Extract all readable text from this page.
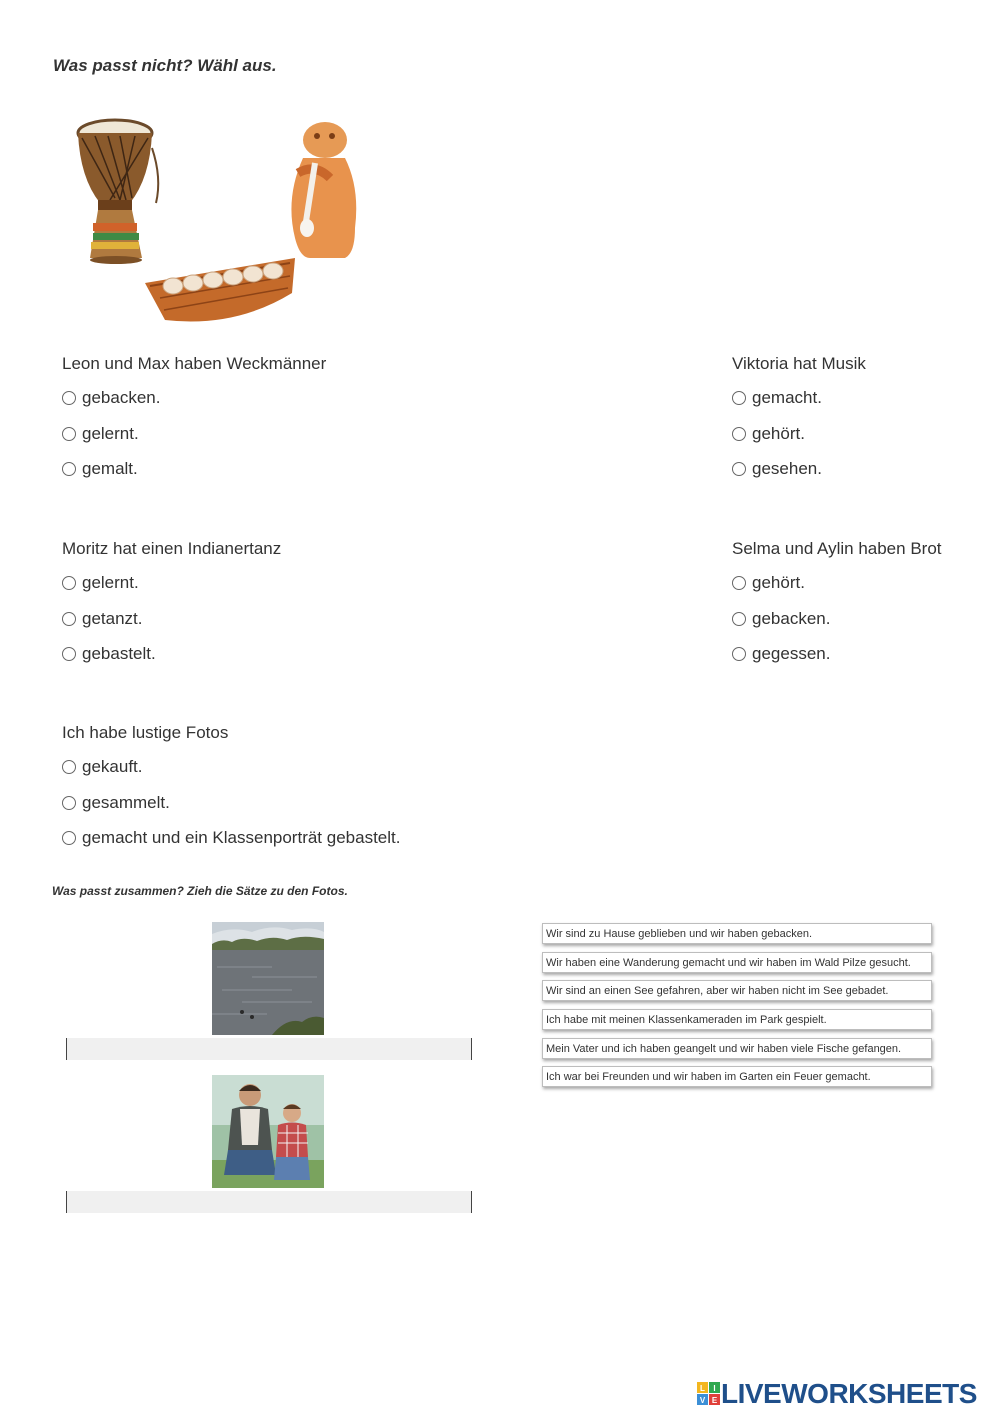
Was passt nicht? Wähl aus.
Leon und Max haben Weckmänner
gebacken.
gelernt.
gemalt.
Viktoria hat Musik
gemacht.
gehört.
gesehen.
Moritz hat einen Indianertanz
gelernt.
getanzt.
gebastelt.
Selma und Aylin haben Brot
gehört.
gebacken.
gegessen.
Ich habe lustige Fotos
gekauft.
gesammelt.
gemacht und ein Klassenporträt gebastelt.
Was passt zusammen? Zieh die Sätze zu den Fotos.
Wir sind zu Hause geblieben und wir haben gebacken.
Wir haben eine Wanderung gemacht und wir haben im Wald Pilze gesucht.
Wir sind an einen See gefahren, aber wir haben nicht im See gebadet.
Ich habe mit meinen Klassenkameraden im Park gespielt.
Mein Vater und ich haben geangelt und wir haben viele Fische gefangen.
Ich war bei Freunden und wir haben im Garten ein Feuer gemacht.
L I
V E LIVEWORKSHEETS
